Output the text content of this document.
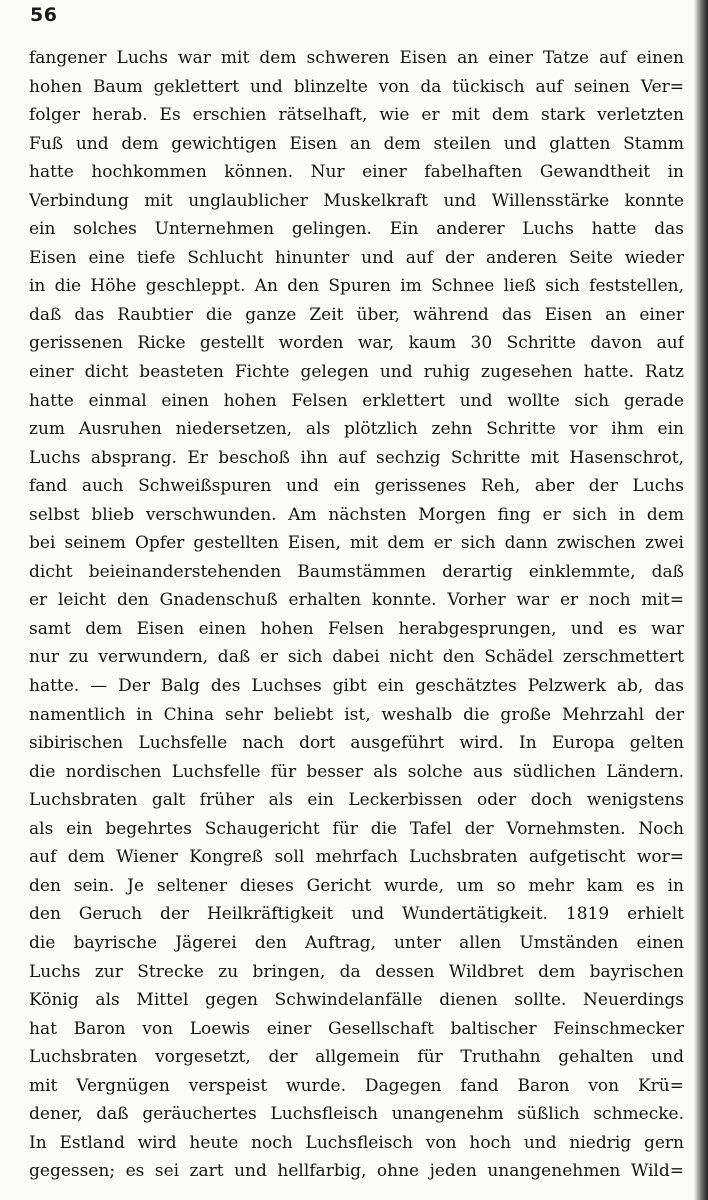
56
fangener Luchs war mit dem schweren Eisen an einer Tatze auf einen
hohen Baum geklettert und blinzelte von da tückisch auf seinen Ver=
folger herab. Es erschien rätselhaft, wie er mit dem stark verletzten
Fuß und dem gewichtigen Eisen an dem steilen und glatten Stamm
hatte hochkommen können. Nur einer fabelhaften Gewandtheit in
Verbindung mit unglaublicher Muskelkraft und Willensstärke konnte
ein solches Unternehmen gelingen. Ein anderer Luchs hatte das
Eisen eine tiefe Schlucht hinunter und auf der anderen Seite wieder
in die Höhe geschleppt. An den Spuren im Schnee ließ sich feststellen,
daß das Raubtier die ganze Zeit über, während das Eisen an einer
gerissenen Ricke gestellt worden war, kaum 30 Schritte davon auf
einer dicht beasteten Fichte gelegen und ruhig zugesehen hatte. Ratz
hatte einmal einen hohen Felsen erklettert und wollte sich gerade
zum Ausruhen niedersetzen, als plötzlich zehn Schritte vor ihm ein
Luchs absprang. Er beschoß ihn auf sechzig Schritte mit Hasenschrot,
fand auch Schweißspuren und ein gerissenes Reh, aber der Luchs
selbst blieb verschwunden. Am nächsten Morgen fing er sich in dem
bei seinem Opfer gestellten Eisen, mit dem er sich dann zwischen zwei
dicht beieinanderstehenden Baumstämmen derartig einklemmte, daß
er leicht den Gnadenschuß erhalten konnte. Vorher war er noch mit=
samt dem Eisen einen hohen Felsen herabgesprungen, und es war
nur zu verwundern, daß er sich dabei nicht den Schädel zerschmettert
hatte. — Der Balg des Luchses gibt ein geschätztes Pelzwerk ab, das
namentlich in China sehr beliebt ist, weshalb die große Mehrzahl der
sibirischen Luchsfelle nach dort ausgeführt wird. In Europa gelten
die nordischen Luchsfelle für besser als solche aus südlichen Ländern.
Luchsbraten galt früher als ein Leckerbissen oder doch wenigstens
als ein begehrtes Schaugericht für die Tafel der Vornehmsten. Noch
auf dem Wiener Kongreß soll mehrfach Luchsbraten aufgetischt wor=
den sein. Je seltener dieses Gericht wurde, um so mehr kam es in
den Geruch der Heilkräftigkeit und Wundertätigkeit. 1819 erhielt
die bayrische Jägerei den Auftrag, unter allen Umständen einen
Luchs zur Strecke zu bringen, da dessen Wildbret dem bayrischen
König als Mittel gegen Schwindelanfälle dienen sollte. Neuerdings
hat Baron von Loewis einer Gesellschaft baltischer Feinschmecker
Luchsbraten vorgesetzt, der allgemein für Truthahn gehalten und
mit Vergnügen verspeist wurde. Dagegen fand Baron von Krü=
dener, daß geräuchertes Luchsfleisch unangenehm süßlich schmecke.
In Estland wird heute noch Luchsfleisch von hoch und niedrig gern
gegessen; es sei zart und hellfarbig, ohne jeden unangenehmen Wild=
